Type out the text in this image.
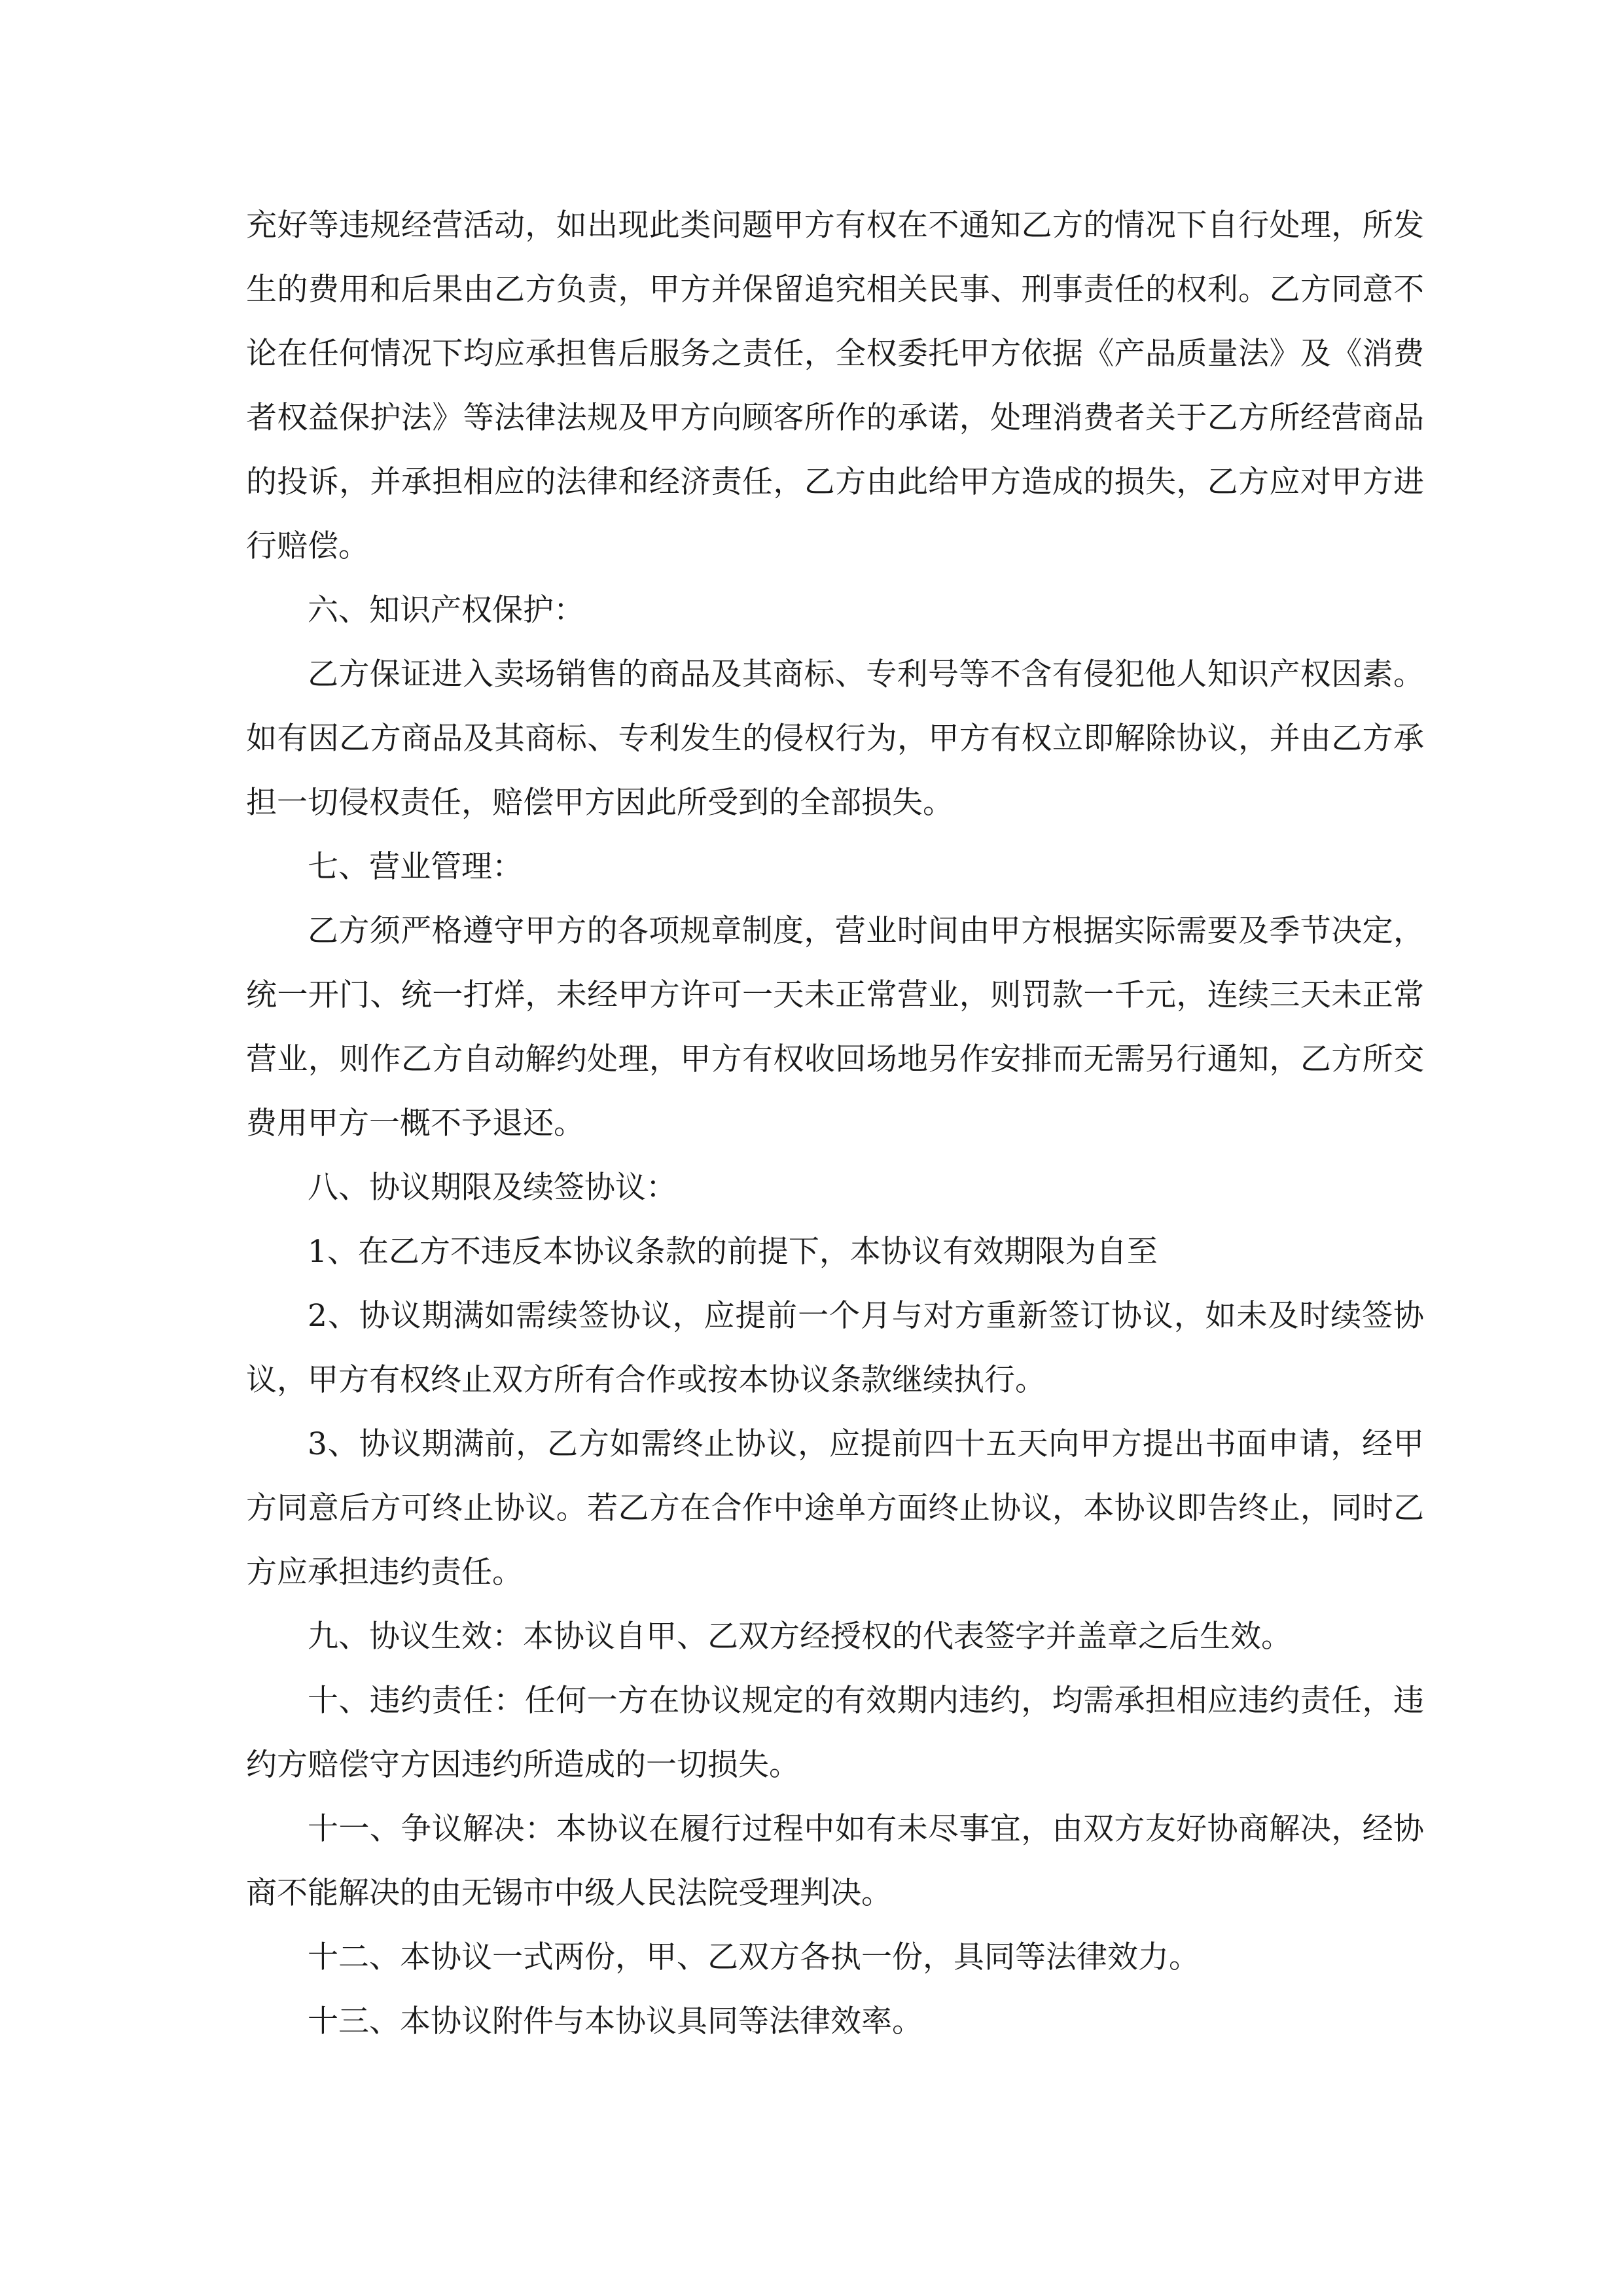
充好等违规经营活动，如出现此类问题甲方有权在不通知乙方的情况下自行处理，所发生的费用和后果由乙方负责，甲方并保留追究相关民事、刑事责任的权利。乙方同意不论在任何情况下均应承担售后服务之责任，全权委托甲方依据《产品质量法》及《消费者权益保护法》等法律法规及甲方向顾客所作的承诺，处理消费者关于乙方所经营商品的投诉，并承担相应的法律和经济责任，乙方由此给甲方造成的损失，乙方应对甲方进行赔偿。

六、知识产权保护：

乙方保证进入卖场销售的商品及其商标、专利号等不含有侵犯他人知识产权因素。如有因乙方商品及其商标、专利发生的侵权行为，甲方有权立即解除协议，并由乙方承担一切侵权责任，赔偿甲方因此所受到的全部损失。

七、营业管理：

乙方须严格遵守甲方的各项规章制度，营业时间由甲方根据实际需要及季节决定，统一开门、统一打烊，未经甲方许可一天未正常营业，则罚款一千元，连续三天未正常营业，则作乙方自动解约处理，甲方有权收回场地另作安排而无需另行通知，乙方所交费用甲方一概不予退还。

八、协议期限及续签协议：

1、在乙方不违反本协议条款的前提下，本协议有效期限为自至

2、协议期满如需续签协议，应提前一个月与对方重新签订协议，如未及时续签协议，甲方有权终止双方所有合作或按本协议条款继续执行。

3、协议期满前，乙方如需终止协议，应提前四十五天向甲方提出书面申请，经甲方同意后方可终止协议。若乙方在合作中途单方面终止协议，本协议即告终止，同时乙方应承担违约责任。

九、协议生效：本协议自甲、乙双方经授权的代表签字并盖章之后生效。

十、违约责任：任何一方在协议规定的有效期内违约，均需承担相应违约责任，违约方赔偿守方因违约所造成的一切损失。

十一、争议解决：本协议在履行过程中如有未尽事宜，由双方友好协商解决，经协商不能解决的由无锡市中级人民法院受理判决。

十二、本协议一式两份，甲、乙双方各执一份，具同等法律效力。

十三、本协议附件与本协议具同等法律效率。
